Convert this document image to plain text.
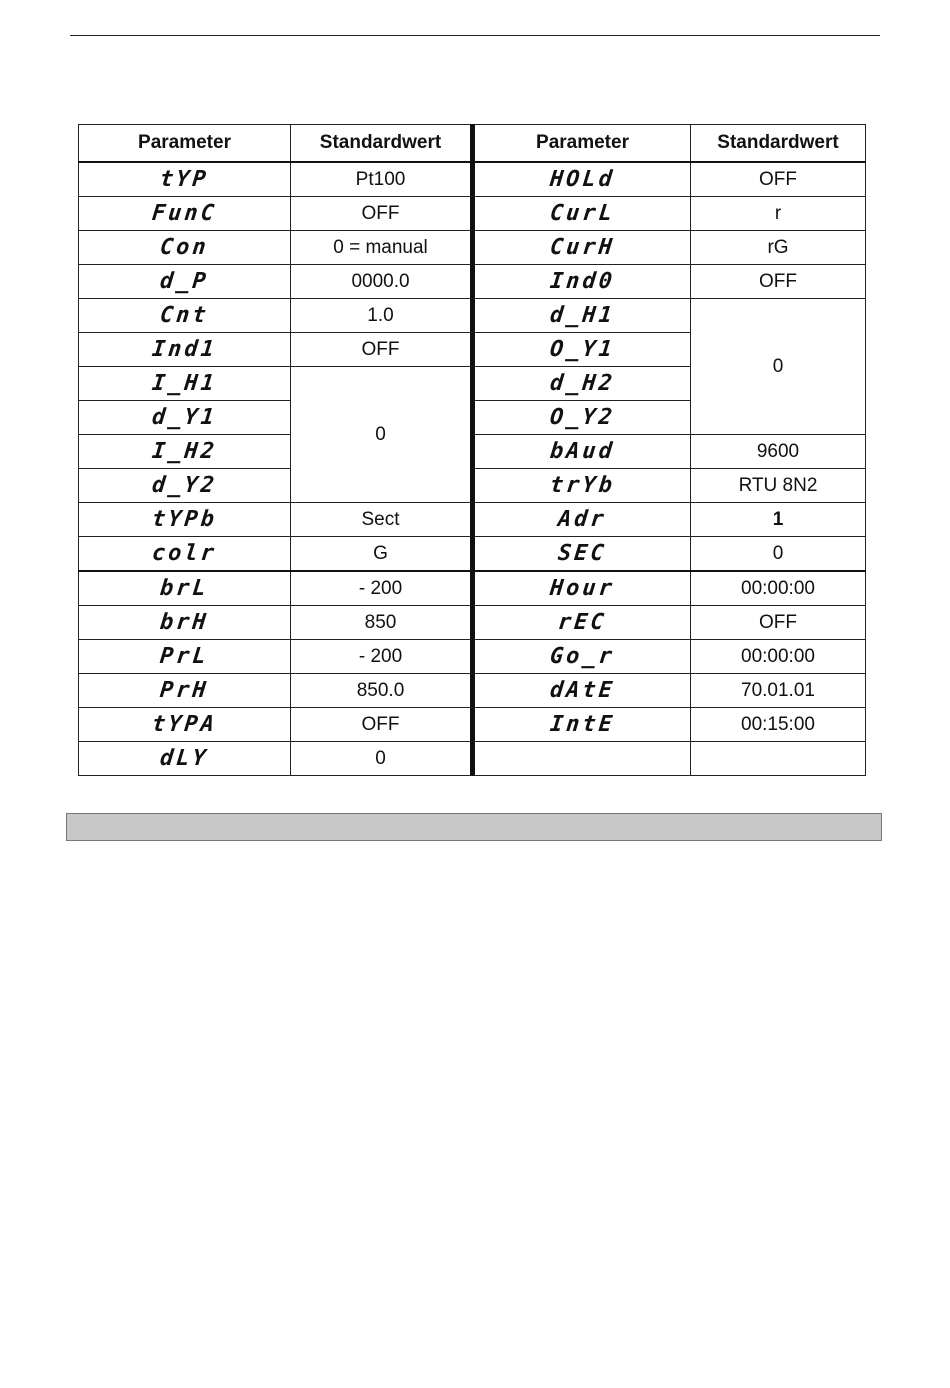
Parameter	Standardwert	Parameter	Standardwert
tYP	Pt100	HOLd	OFF
FunC	OFF	CurL	r
Con	0 = manual	CurH	rG
d_P	0000.0	Ind0	OFF
Cnt	1.0	d_H1	0
Ind1	OFF	O_Y1	
I_H1	0	d_H2	
d_Y1		O_Y2	
I_H2		bAud	9600
d_Y2		trYb	RTU 8N2
tYPb	Sect	Adr	1
colr	G	SEC	0
brL	- 200	Hour	00:00:00
brH	850	rEC	OFF
PrL	- 200	Go_r	00:00:00
PrH	850.0	dAtE	70.01.01
tYPA	OFF	IntE	00:15:00
dLY	0		
